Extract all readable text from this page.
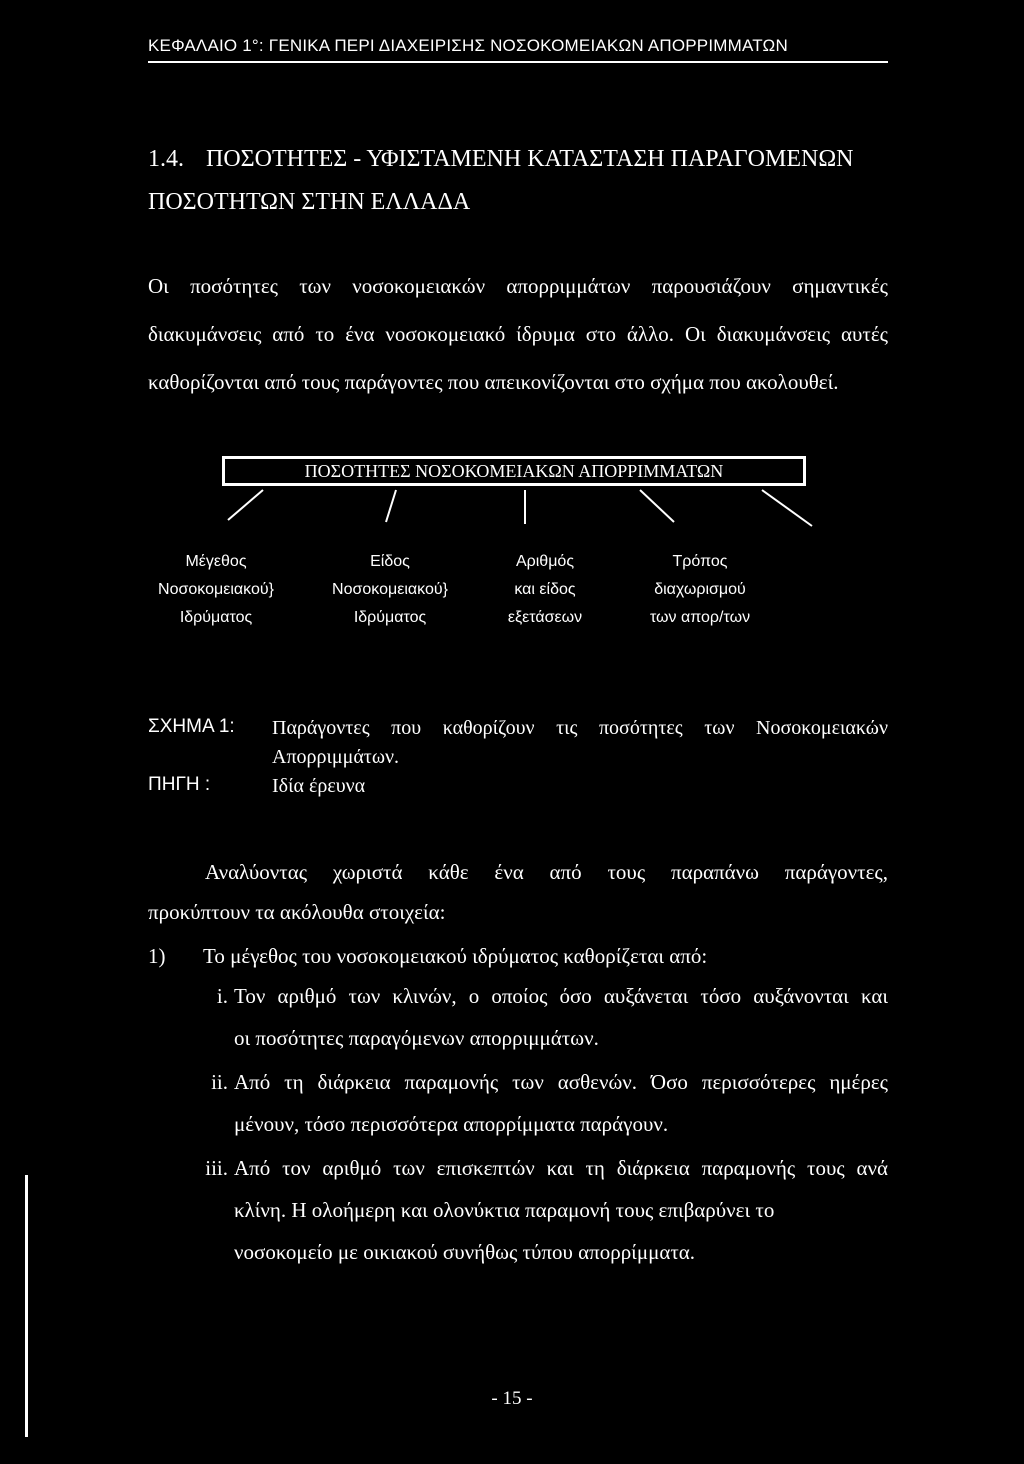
ΚΕΦΑΛΑΙΟ 1°: ΓΕΝΙΚΑ ΠΕΡΙ ΔΙΑΧΕΙΡΙΣΗΣ ΝΟΣΟΚΟΜΕΙΑΚΩΝ ΑΠΟΡΡΙΜΜΑΤΩΝ
1.4. ΠΟΣΟΤΗΤΕΣ - ΥΦΙΣΤΑΜΕΝΗ ΚΑΤΑΣΤΑΣΗ ΠΑΡΑΓΟΜΕΝΩΝ
ΠΟΣΟΤΗΤΩΝ ΣΤΗΝ ΕΛΛΑΔΑ
Οι ποσότητες των νοσοκομειακών απορριμμάτων παρουσιάζουν σημαντικές διακυμάνσεις από το ένα νοσοκομειακό ίδρυμα στο άλλο. Οι διακυμάνσεις αυτές καθορίζονται από τους παράγοντες που απεικονίζονται στο σχήμα που ακολουθεί.
ΠΟΣΟΤΗΤΕΣ ΝΟΣΟΚΟΜΕΙΑΚΩΝ ΑΠΟΡΡΙΜΜΑΤΩΝ
Μέγεθος
Νοσοκομειακού}
Ιδρύματος
Είδος
Νοσοκομειακού}
Ιδρύματος
Αριθμός
και είδος
εξετάσεων
Τρόπος
διαχωρισμού
των απορ/των
ΣΧΗΜΑ 1: Παράγοντες που καθορίζουν τις ποσότητες των Νοσοκομειακών
Απορριμμάτων.
ΠΗΓΗ :	Ιδία έρευνα
Αναλύοντας χωριστά κάθε ένα από τους παραπάνω παράγοντες,
προκύπτουν τα ακόλουθα στοιχεία:
1) Το μέγεθος του νοσοκομειακού ιδρύματος καθορίζεται από:
i. Τον αριθμό των κλινών, ο οποίος όσο αυξάνεται τόσο αυξάνονται και
οι ποσότητες παραγόμενων απορριμμάτων.
ii. Από τη διάρκεια παραμονής των ασθενών. Όσο περισσότερες ημέρες
μένουν, τόσο περισσότερα απορρίμματα παράγουν.
iii. Από τον αριθμό των επισκεπτών και τη διάρκεια παραμονής τους ανά
κλίνη. Η ολοήμερη και ολονύκτια παραμονή τους επιβαρύνει το
νοσοκομείο με οικιακού συνήθως τύπου απορρίμματα.
- 15 -
